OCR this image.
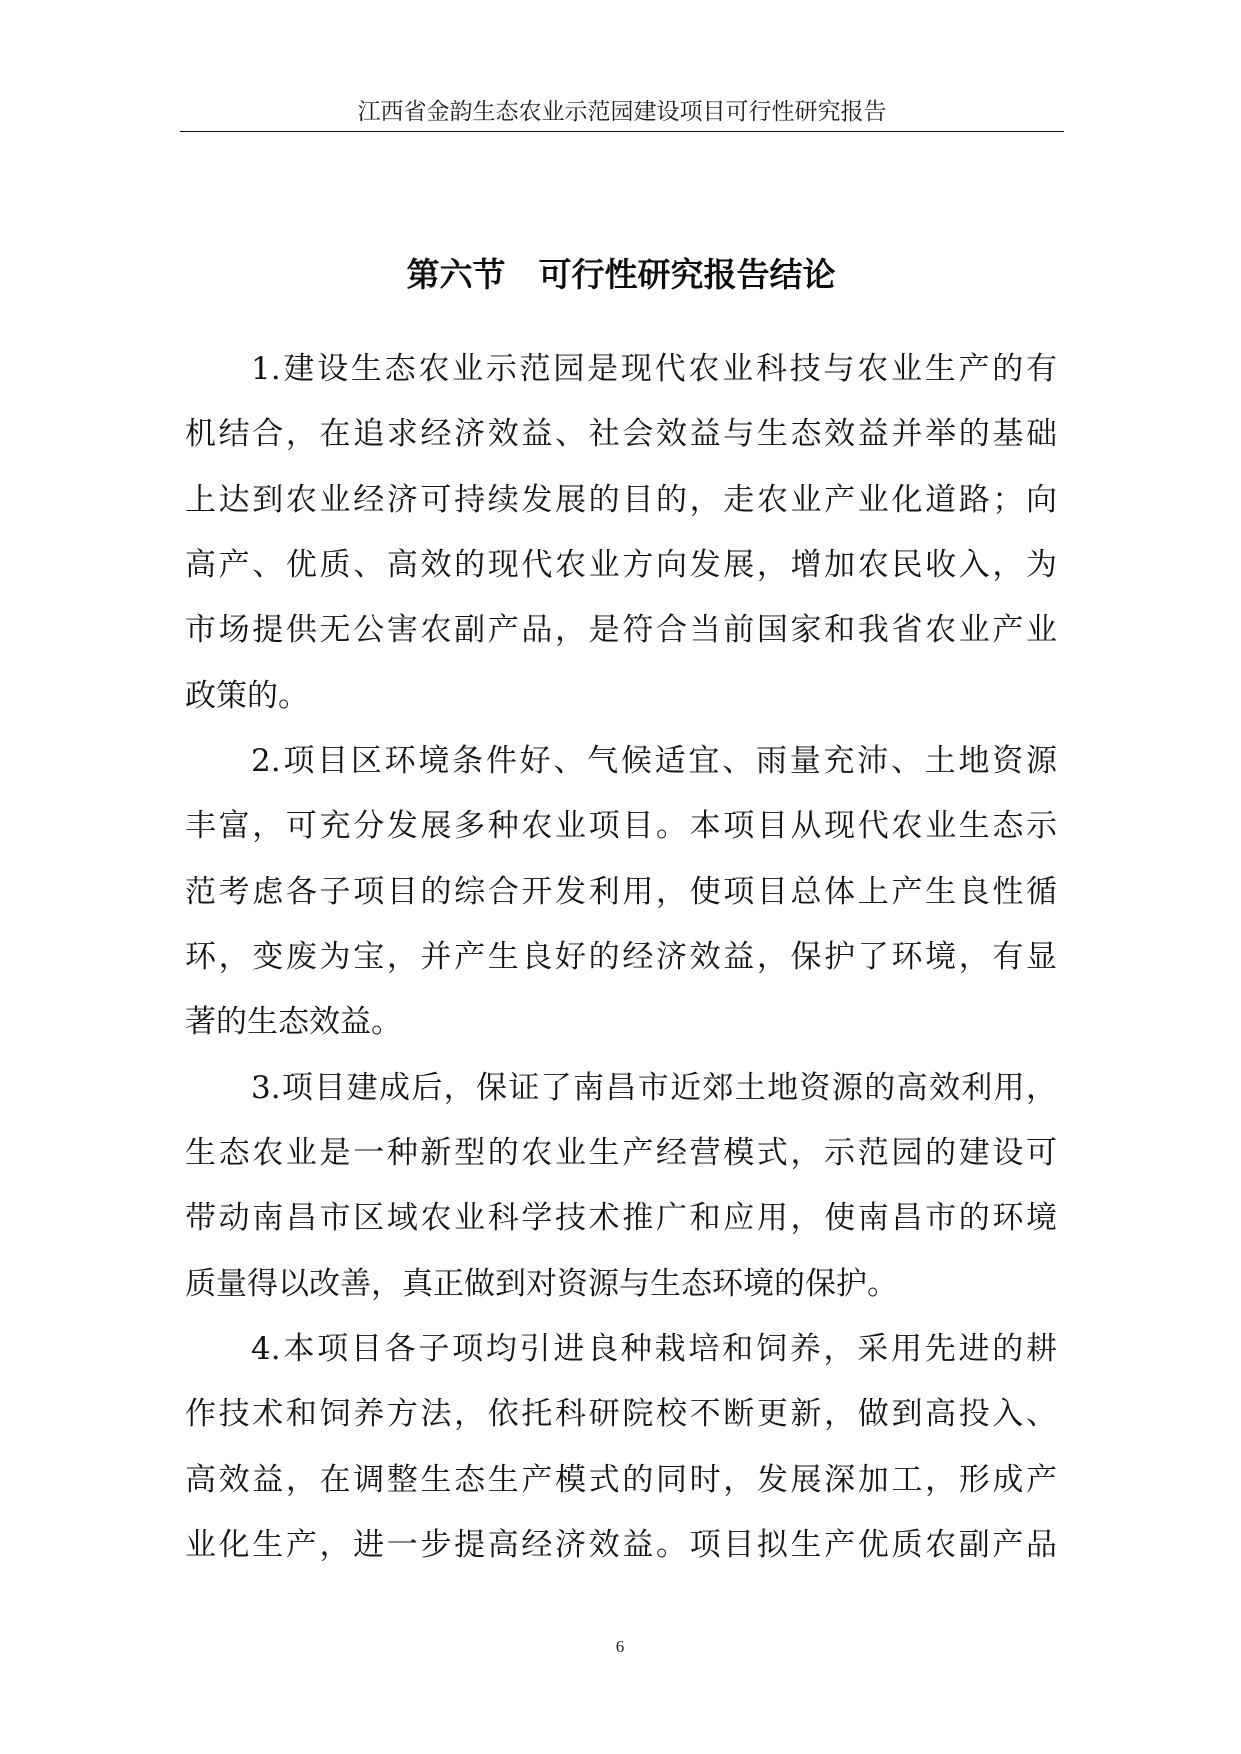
江西省金韵生态农业示范园建设项目可行性研究报告
第六节　可行性研究报告结论
1.建设生态农业示范园是现代农业科技与农业生产的有
机结合，在追求经济效益、社会效益与生态效益并举的基础
上达到农业经济可持续发展的目的，走农业产业化道路；向
高产、优质、高效的现代农业方向发展，增加农民收入，为
市场提供无公害农副产品，是符合当前国家和我省农业产业
政策的。
2.项目区环境条件好、气候适宜、雨量充沛、土地资源
丰富，可充分发展多种农业项目。本项目从现代农业生态示
范考虑各子项目的综合开发利用，使项目总体上产生良性循
环，变废为宝，并产生良好的经济效益，保护了环境，有显
著的生态效益。
3.项目建成后，保证了南昌市近郊土地资源的高效利用，
生态农业是一种新型的农业生产经营模式，示范园的建设可
带动南昌市区域农业科学技术推广和应用，使南昌市的环境
质量得以改善，真正做到对资源与生态环境的保护。
4.本项目各子项均引进良种栽培和饲养，采用先进的耕
作技术和饲养方法，依托科研院校不断更新，做到高投入、
高效益，在调整生态生产模式的同时，发展深加工，形成产
业化生产，进一步提高经济效益。项目拟生产优质农副产品
6
